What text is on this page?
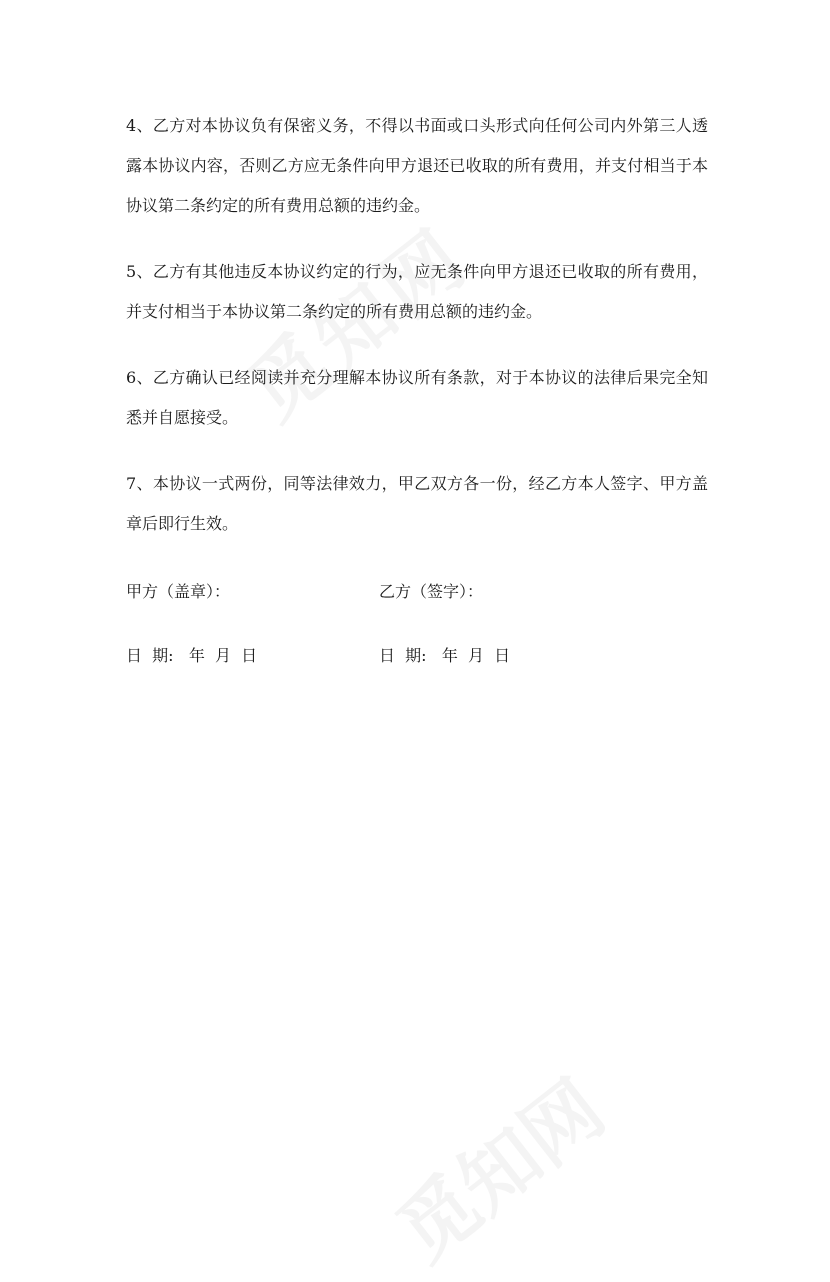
4、乙方对本协议负有保密义务，不得以书面或口头形式向任何公司内外第三人透露本协议内容，否则乙方应无条件向甲方退还已收取的所有费用，并支付相当于本协议第二条约定的所有费用总额的违约金。

5、乙方有其他违反本协议约定的行为，应无条件向甲方退还已收取的所有费用，并支付相当于本协议第二条约定的所有费用总额的违约金。

6、乙方确认已经阅读并充分理解本协议所有条款，对于本协议的法律后果完全知悉并自愿接受。

7、本协议一式两份，同等法律效力，甲乙双方各一份，经乙方本人签字、甲方盖章后即行生效。

甲方（盖章）：	乙方（签字）：
日  期:   年  月  日	日  期:   年  月  日
